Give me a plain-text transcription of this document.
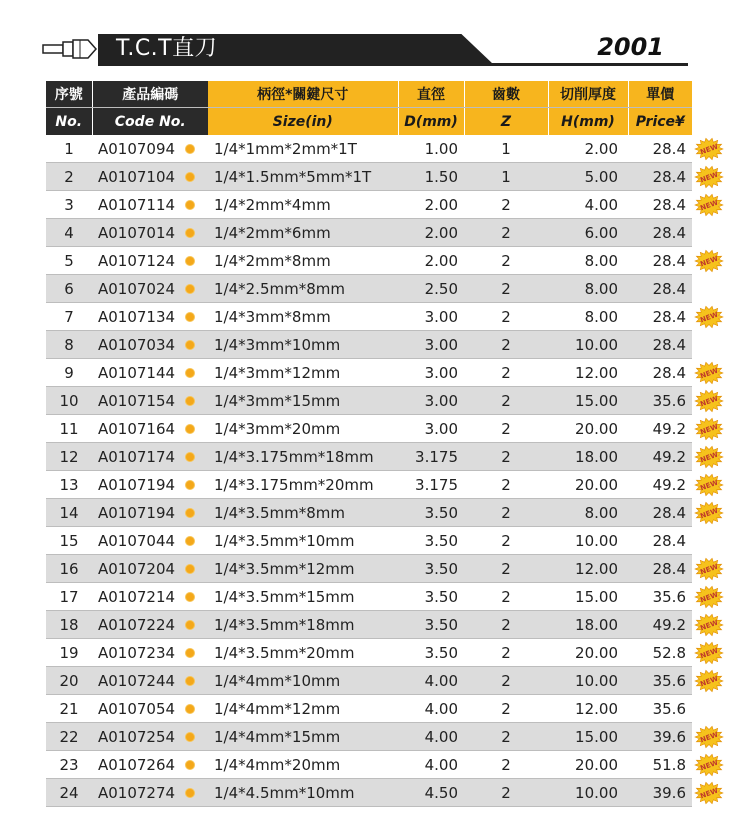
T.C.T直刀	2001
序號	產品編碼	柄徑*關鍵尺寸	直徑	齒數	切削厚度	單價	
No.	Code No.	Size(in)	D(mm)	Z	H(mm)	Price¥	
1	A0107094	1/4*1mm*2mm*1T	1.00	1	2.00	28.4	NEW

2	A0107104	1/4*1.5mm*5mm*1T	1.50	1	5.00	28.4	NEW

3	A0107114	1/4*2mm*4mm	2.00	2	4.00	28.4	NEW

4	A0107014	1/4*2mm*6mm	2.00	2	6.00	28.4	
5	A0107124	1/4*2mm*8mm	2.00	2	8.00	28.4	NEW

6	A0107024	1/4*2.5mm*8mm	2.50	2	8.00	28.4	
7	A0107134	1/4*3mm*8mm	3.00	2	8.00	28.4	NEW

8	A0107034	1/4*3mm*10mm	3.00	2	10.00	28.4	
9	A0107144	1/4*3mm*12mm	3.00	2	12.00	28.4	NEW

10	A0107154	1/4*3mm*15mm	3.00	2	15.00	35.6	NEW

11	A0107164	1/4*3mm*20mm	3.00	2	20.00	49.2	NEW

12	A0107174	1/4*3.175mm*18mm	3.175	2	18.00	49.2	NEW

13	A0107194	1/4*3.175mm*20mm	3.175	2	20.00	49.2	NEW

14	A0107194	1/4*3.5mm*8mm	3.50	2	8.00	28.4	NEW

15	A0107044	1/4*3.5mm*10mm	3.50	2	10.00	28.4	
16	A0107204	1/4*3.5mm*12mm	3.50	2	12.00	28.4	NEW

17	A0107214	1/4*3.5mm*15mm	3.50	2	15.00	35.6	NEW

18	A0107224	1/4*3.5mm*18mm	3.50	2	18.00	49.2	NEW

19	A0107234	1/4*3.5mm*20mm	3.50	2	20.00	52.8	NEW

20	A0107244	1/4*4mm*10mm	4.00	2	10.00	35.6	NEW

21	A0107054	1/4*4mm*12mm	4.00	2	12.00	35.6	
22	A0107254	1/4*4mm*15mm	4.00	2	15.00	39.6	NEW

23	A0107264	1/4*4mm*20mm	4.00	2	20.00	51.8	NEW

24	A0107274	1/4*4.5mm*10mm	4.50	2	10.00	39.6	NEW
